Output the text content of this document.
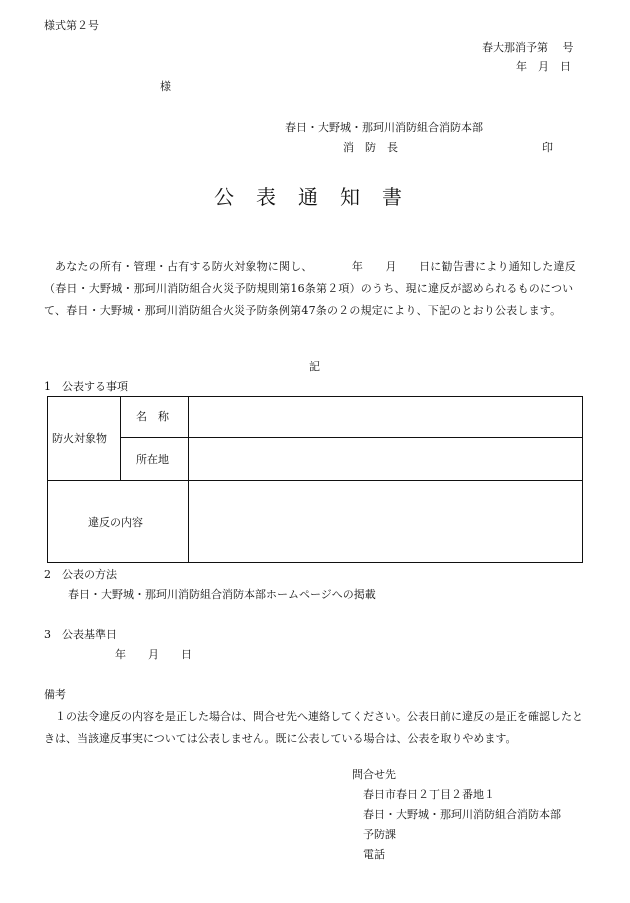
様式第２号
春大那消予第　 号
年　月　日
様
春日・大野城・那珂川消防組合消防本部
消　防　長	印
公表通知書
あなたの所有・管理・占有する防火対象物に関し、　　　　年　　月　　日に勧告書により通知した違反（春日・大野城・那珂川消防組合火災予防規則第16条第２項）のうち、現に違反が認められるものについて、春日・大野城・那珂川消防組合火災予防条例第47条の２の規定により、下記のとおり公表します。
記
1　公表する事項
防火対象物
名　称
所在地
違反の内容
2　公表の方法
春日・大野城・那珂川消防組合消防本部ホームページへの掲載
3　公表基準日
年　　月　　日
備考
１の法令違反の内容を是正した場合は、問合せ先へ連絡してください。公表日前に違反の是正を確認したときは、当該違反事実については公表しません。既に公表している場合は、公表を取りやめます。
問合せ先
春日市春日２丁目２番地１
春日・大野城・那珂川消防組合消防本部
予防課
電話
